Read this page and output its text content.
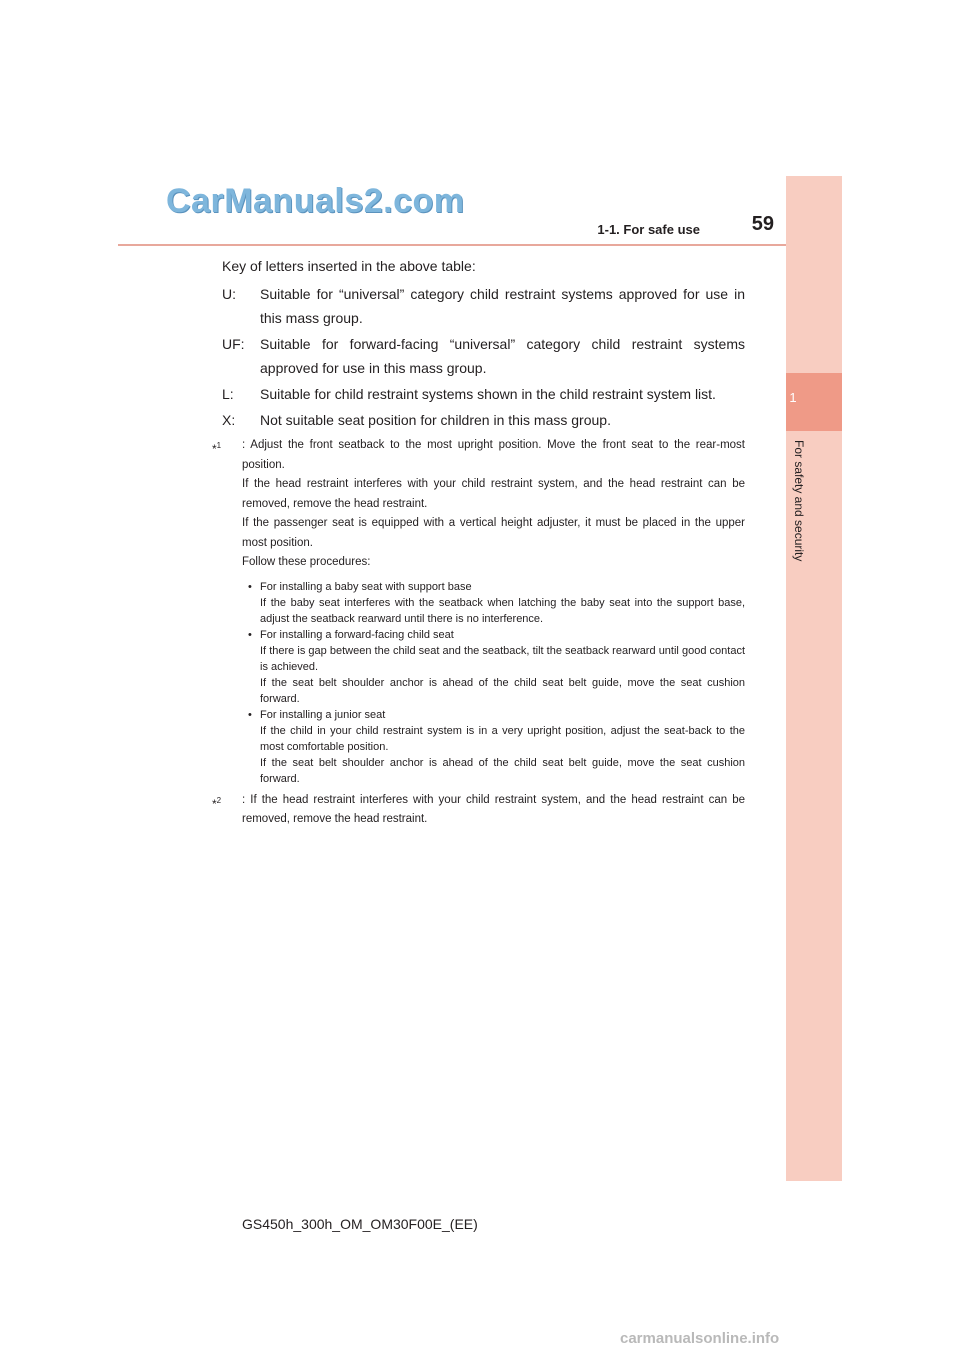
CarManuals2.com
1-1. For safe use	59
1
For safety and security

Key of letters inserted in the above table:

U:	Suitable for “universal” category child restraint systems approved for use in this mass group.
UF:	Suitable for forward-facing “universal” category child restraint systems approved for use in this mass group.
L:	Suitable for child restraint systems shown in the child restraint system list.
X:	Not suitable seat position for children in this mass group.
*$^1$	: Adjust the front seatback to the most upright position. Move the front seat to the rear-most position.

If the head restraint interferes with your child restraint system, and the head restraint can be removed, remove the head restraint.

If the passenger seat is equipped with a vertical height adjuster, it must be placed in the upper most position.

Follow these procedures:

• For installing a baby seat with support base

If the baby seat interferes with the seatback when latching the baby seat into the support base, adjust the seatback rearward until there is no interference.

• For installing a forward-facing child seat

If there is gap between the child seat and the seatback, tilt the seatback rearward until good contact is achieved.

If the seat belt shoulder anchor is ahead of the child seat belt guide, move the seat cushion forward.

• For installing a junior seat

If the child in your child restraint system is in a very upright position, adjust the seat-back to the most comfortable position.

If the seat belt shoulder anchor is ahead of the child seat belt guide, move the seat cushion forward.

*$^2$	: If the head restraint interferes with your child restraint system, and the head restraint can be removed, remove the head restraint.

GS450h_300h_OM_OM30F00E_(EE)
carmanualsonline.info
